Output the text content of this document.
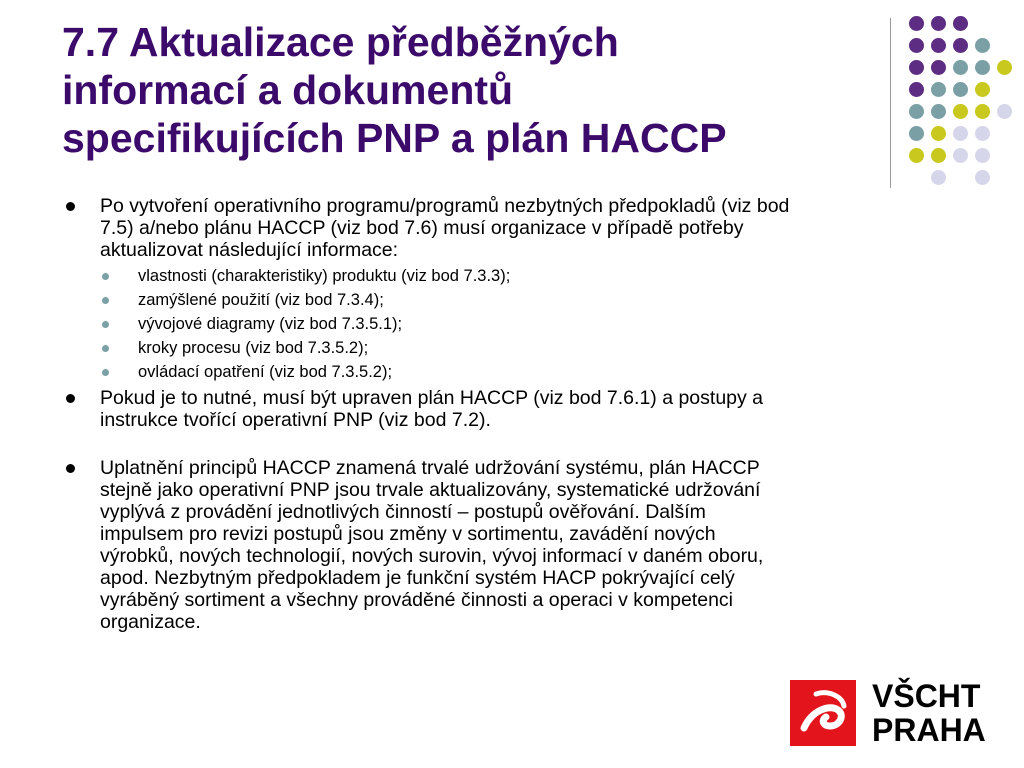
7.7 Aktualizace předběžných
informací a dokumentů
specifikujících PNP a plán HACCP
Po vytvoření operativního programu/programů nezbytných předpokladů (viz bod
7.5) a/nebo plánu HACCP (viz bod 7.6) musí organizace v případě potřeby
aktualizovat následující informace:
vlastnosti (charakteristiky) produktu (viz bod 7.3.3);
zamýšlené použití (viz bod 7.3.4);
vývojové diagramy (viz bod 7.3.5.1);
kroky procesu (viz bod 7.3.5.2);
ovládací opatření (viz bod 7.3.5.2);
Pokud je to nutné, musí být upraven plán HACCP (viz bod 7.6.1) a postupy a
instrukce tvořící operativní PNP (viz bod 7.2).
Uplatnění principů HACCP znamená trvalé udržování systému, plán HACCP
stejně jako operativní PNP jsou trvale aktualizovány, systematické udržování
vyplývá z provádění jednotlivých činností – postupů ověřování. Dalším
impulsem pro revizi postupů jsou změny v sortimentu, zavádění nových
výrobků, nových technologií, nových surovin, vývoj informací v daném oboru,
apod. Nezbytným předpokladem je funkční systém HACP pokrývající celý
vyráběný sortiment a všechny prováděné činnosti a operaci v kompetenci
organizace.
VŠCHT
PRAHA
